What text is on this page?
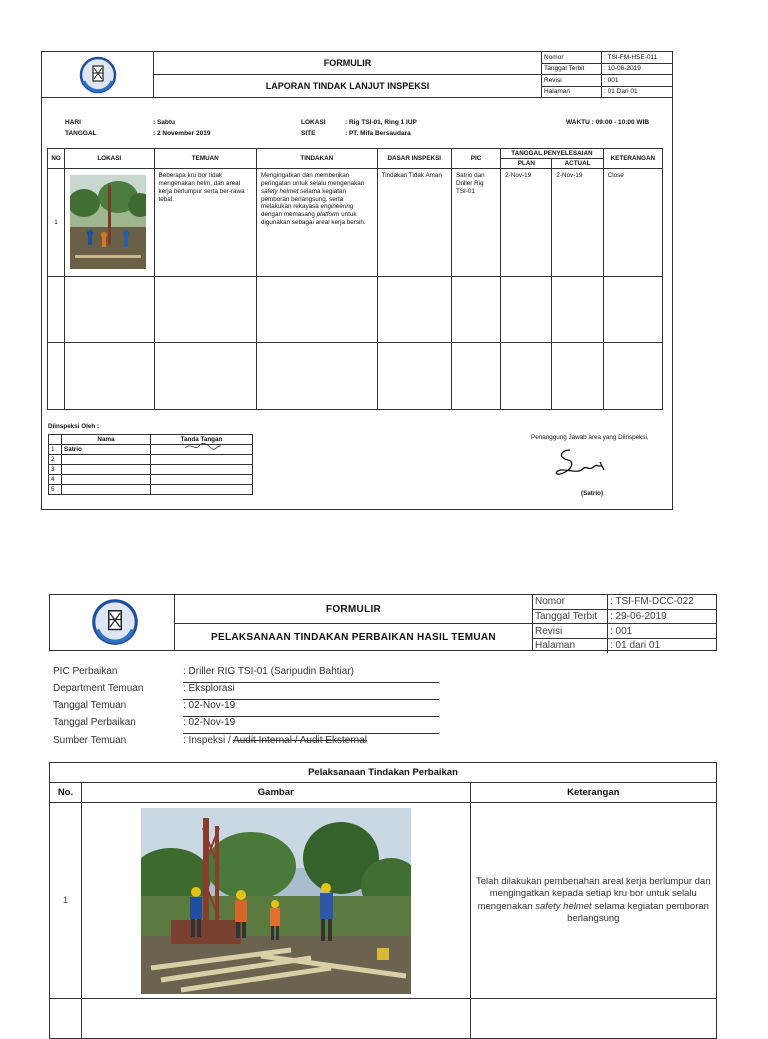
FORMULIR
LAPORAN TINDAK LANJUT INSPEKSI
Nomor	: TSI-FM-HSE-011
Tanggal Terbit	: 10-06-2019
Revisi	: 001
Halaman	: 01 Dari 01
HARI	: Sabtu
TANGGAL	: 2 November 2019
LOKASI	: Rig TSI-01, Ring 1 IUP
SITE	: PT. Mifa Bersaudara
WAKTU : 09:00 - 10:00 WIB
NO	LOKASI	TEMUAN	TINDAKAN	DASAR INSPEKSI	PIC	TANGGAL PENYELESAIAN		KETERANGAN
						PLAN	ACTUAL	
1		Beberapa kru bor tidak mengenakan helm, dan areal kerja berlumpur serta ber-rawa tebal.	Mengingatkan dan memberikan peringatan untuk selalu mengenakan safety helmet selama kegiatan pemboran berlangsung, serta melakukan rekayasa engineering dengan memasang platform untuk digunakan sebagai areal kerja bersih.	Tindakan Tidak Aman	Satrio dan Driller Rig TSI-01	2-Nov-19	2-Nov-19	Close

Diinspeksi Oleh :
	Nama	Tanda Tangan
1	Satrio	

2		
3		
4		
5		
Penanggung Jawab area yang Diinspeksi,
(Satrio)
FORMULIR
PELAKSANAAN TINDAKAN PERBAIKAN HASIL TEMUAN
Nomor	: TSI-FM-DCC-022
Tanggal Terbit	: 29-06-2019
Revisi	: 001
Halaman	: 01 dari 01
PIC Perbaikan	: Driller RIG TSI-01 (Saripudin Bahtiar)
Department Temuan	: Eksplorasi
Tanggal Temuan	: 02-Nov-19
Tanggal Perbaikan	: 02-Nov-19
Sumber Temuan	: Inspeksi / Audit Internal / Audit Eksternal
Pelaksanaan Tindakan Perbaikan		
No.	Gambar	Keterangan
1		Telah dilakukan pembenahan areal kerja berlumpur dan mengingatkan kepada setiap kru bor untuk selalu mengenakan safety helmet selama kegiatan pemboran berlangsung
